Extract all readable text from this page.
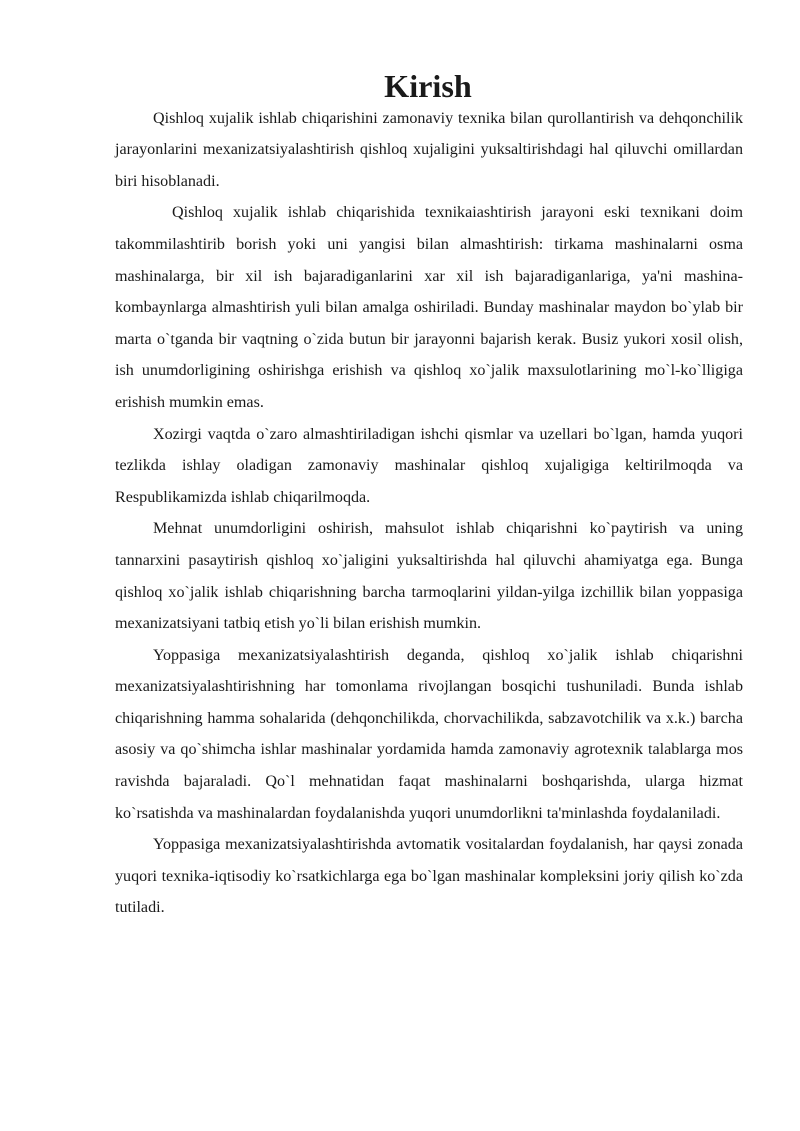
Kirish

Qishloq xujalik ishlab chiqarishini zamonaviy texnika bilan qurollantirish va dehqonchilik jarayonlarini mexanizatsiyalashtirish qishloq xujaligini yuksaltirishdagi hal qiluvchi omillardan biri hisoblanadi.

Qishloq xujalik ishlab chiqarishida texnikaiashtirish jarayoni eski texnikani doim takommilashtirib borish yoki uni yangisi bilan almashtirish: tirkama mashinalarni osma mashinalarga, bir xil ish bajaradiganlarini xar xil ish bajaradiganlariga, ya'ni mashina-kombaynlarga almashtirish yuli bilan amalga oshiriladi. Bunday mashinalar maydon bo`ylab bir marta o`tganda bir vaqtning o`zida butun bir jarayonni bajarish kerak. Busiz yukori xosil olish, ish unumdorligining oshirishga erishish va qishloq xo`jalik maxsulotlarining mo`l-ko`lligiga erishish mumkin emas.

Xozirgi vaqtda o`zaro almashtiriladigan ishchi qismlar va uzellari bo`lgan, hamda yuqori tezlikda ishlay oladigan zamonaviy mashinalar qishloq xujaligiga keltirilmoqda va Respublikamizda ishlab chiqarilmoqda.

Mehnat unumdorligini oshirish, mahsulot ishlab chiqarishni ko`paytirish va uning tannarxini pasaytirish qishloq xo`jaligini yuksaltirishda hal qiluvchi ahamiyatga ega. Bunga qishloq xo`jalik ishlab chiqarishning barcha tarmoqlarini yildan-yilga izchillik bilan yoppasiga mexanizatsiyani tatbiq etish yo`li bilan erishish mumkin.

Yoppasiga mexanizatsiyalashtirish deganda, qishloq xo`jalik ishlab chiqarishni mexanizatsiyalashtirishning har tomonlama rivojlangan bosqichi tushuniladi. Bunda ishlab chiqarishning hamma sohalarida (dehqonchilikda, chorvachilikda, sabzavotchilik va x.k.) barcha asosiy va qo`shimcha ishlar mashinalar yordamida hamda zamonaviy agrotexnik talablarga mos ravishda bajaraladi. Qo`l mehnatidan faqat mashinalarni boshqarishda, ularga hizmat ko`rsatishda va mashinalardan foydalanishda yuqori unumdorlikni ta'minlashda foydalaniladi.

Yoppasiga mexanizatsiyalashtirishda avtomatik vositalardan foydalanish, har qaysi zonada yuqori texnika-iqtisodiy ko`rsatkichlarga ega bo`lgan mashinalar kompleksini joriy qilish ko`zda tutiladi.
